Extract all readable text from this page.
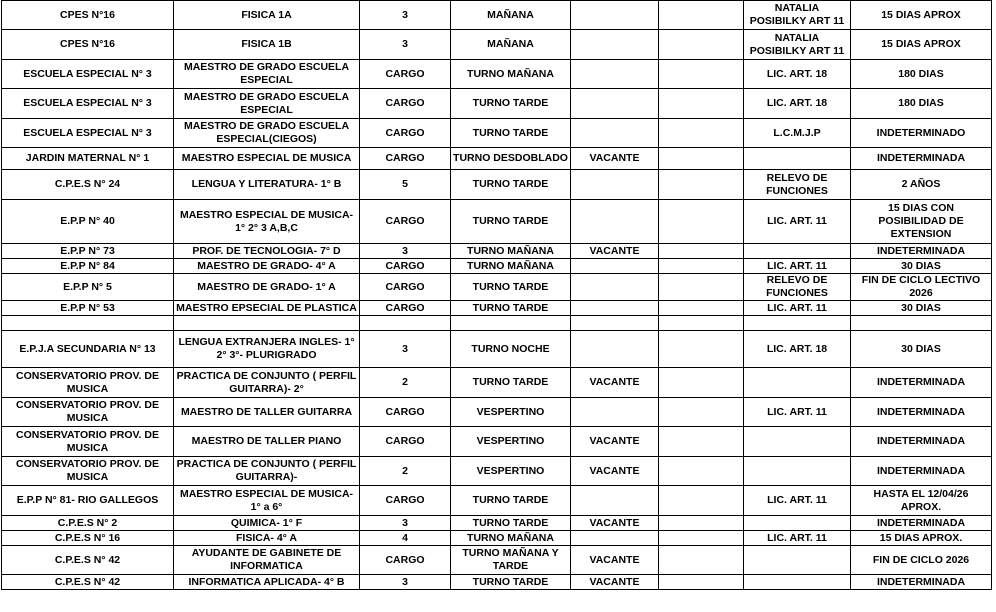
CPES N°16	FISICA 1A	3	MAÑANA			NATALIA POSIBILKY ART 11	15 DIAS APROX
CPES N°16	FISICA 1B	3	MAÑANA			NATALIA POSIBILKY ART 11	15 DIAS APROX
ESCUELA ESPECIAL N° 3	MAESTRO DE GRADO ESCUELA ESPECIAL	CARGO	TURNO MAÑANA			LIC. ART. 18	180 DIAS
ESCUELA ESPECIAL N° 3	MAESTRO DE GRADO ESCUELA ESPECIAL	CARGO	TURNO TARDE			LIC. ART. 18	180 DIAS
ESCUELA ESPECIAL N° 3	MAESTRO DE GRADO ESCUELA ESPECIAL(CIEGOS)	CARGO	TURNO TARDE			L.C.M.J.P	INDETERMINADO
JARDIN MATERNAL N° 1	MAESTRO ESPECIAL DE MUSICA	CARGO	TURNO DESDOBLADO	VACANTE			INDETERMINADA
C.P.E.S N° 24	LENGUA Y LITERATURA- 1° B	5	TURNO TARDE			RELEVO DE FUNCIONES	2 AÑOS
E.P.P N° 40	MAESTRO ESPECIAL DE MUSICA- 1° 2° 3 A,B,C	CARGO	TURNO TARDE			LIC. ART. 11	15 DIAS CON POSIBILIDAD DE EXTENSION
E.P.P N° 73	PROF. DE TECNOLOGIA- 7° D	3	TURNO MAÑANA	VACANTE			INDETERMINADA
E.P.P N° 84	MAESTRO DE GRADO- 4° A	CARGO	TURNO MAÑANA			LIC. ART. 11	30 DIAS
E.P.P N° 5	MAESTRO DE GRADO- 1° A	CARGO	TURNO TARDE			RELEVO DE FUNCIONES	FIN DE CICLO LECTIVO 2026
E.P.P N° 53	MAESTRO EPSECIAL DE PLASTICA	CARGO	TURNO TARDE			LIC. ART. 11	30 DIAS

E.P.J.A SECUNDARIA N° 13	LENGUA EXTRANJERA INGLES- 1° 2° 3°- PLURIGRADO	3	TURNO NOCHE			LIC. ART. 18	30 DIAS
CONSERVATORIO PROV. DE MUSICA	PRACTICA DE CONJUNTO ( PERFIL GUITARRA)- 2°	2	TURNO TARDE	VACANTE			INDETERMINADA
CONSERVATORIO PROV. DE MUSICA	MAESTRO DE TALLER GUITARRA	CARGO	VESPERTINO			LIC. ART. 11	INDETERMINADA
CONSERVATORIO PROV. DE MUSICA	MAESTRO DE TALLER PIANO	CARGO	VESPERTINO	VACANTE			INDETERMINADA
CONSERVATORIO PROV. DE MUSICA	PRACTICA DE CONJUNTO ( PERFIL GUITARRA)-	2	VESPERTINO	VACANTE			INDETERMINADA
E.P.P N° 81- RIO GALLEGOS	MAESTRO ESPECIAL DE MUSICA- 1° a 6°	CARGO	TURNO TARDE			LIC. ART. 11	HASTA EL 12/04/26 APROX.
C.P.E.S N° 2	QUIMICA- 1° F	3	TURNO TARDE	VACANTE			INDETERMINADA
C.P.E.S N° 16	FISICA- 4° A	4	TURNO MAÑANA			LIC. ART. 11	15 DIAS APROX.
C.P.E.S N° 42	AYUDANTE DE GABINETE DE INFORMATICA	CARGO	TURNO MAÑANA Y TARDE	VACANTE			FIN DE CICLO 2026
C.P.E.S N° 42	INFORMATICA APLICADA- 4° B	3	TURNO TARDE	VACANTE			INDETERMINADA
